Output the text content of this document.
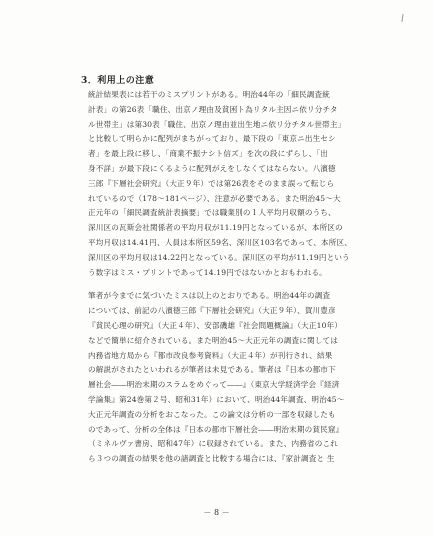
3．利用上の注意
統計結果表には若干のミスプリントがある。明治44年の「細民調査統
計表」の第26表「職住、出京ノ理由及貧困ト為リタル主因ニ依リ分チタ
ル世帯主」は第30表「職住、出京ノ理由並出生地ニ依リ分チタル世帯主」
と比較して明らかに配列がまちがっており、最下段の「東京ニ出生セシ
者」を最上段に移し、「商業不振ナシト信ズ」を次の段にずらし、「出
身不詳」が最下段にくるように配列がえをしなくてはならない。八濱徳
三郎『下層社会研究』（大正９年）では第26表をそのまま誤って転じら
れているので（178～181ページ）、注意が必要である。また明治45～大
正元年の「細民調査統計表摘要」では職業別の１人平均月収額のうち、
深川区の瓦斯会社関係者の平均月収が11.19円となっているが、本所区の
平均月収は14.41円、人員は本所区59名、深川区103名であって、本所区、
深川区の平均月収は14.22円となっている。深川区の平均が11.19円という
う数字はミス・プリントであって14.19円ではないかとおもわれる。
筆者が今までに気づいたミスは以上のとおりである。明治44年の調査
については、前記の八濱徳三郎『下層社会研究』（大正９年）、賀川豊彦
『貧民心理の研究』（大正４年）、安部磯雄『社会問題概論』（大正10年）
などで簡単に紹介されている。また明治45～大正元年の調査に関しては
内務省地方局から『都市改良参考資料』（大正４年）が刊行され、結果
の解説がされたといわれるが筆者は未見である。筆者は『日本の都市下
層社会――明治末期のスラムをめぐって――』（東京大学経済学会『経済
学論集』第24巻第２号、昭和31年）において、明治44年調査、明治45～
大正元年調査の分析をおこなった。この論文は分析の一部を収録したも
のであって、分析の全体は『日本の都市下層社会――明治末期の貧民窟』
（ミネルヴァ書房、昭和47年）に収録されている。また、内務省のこれ
ら３つの調査の結果を他の諸調査と比較する場合には、『家計調査と 生
－ 8 －
